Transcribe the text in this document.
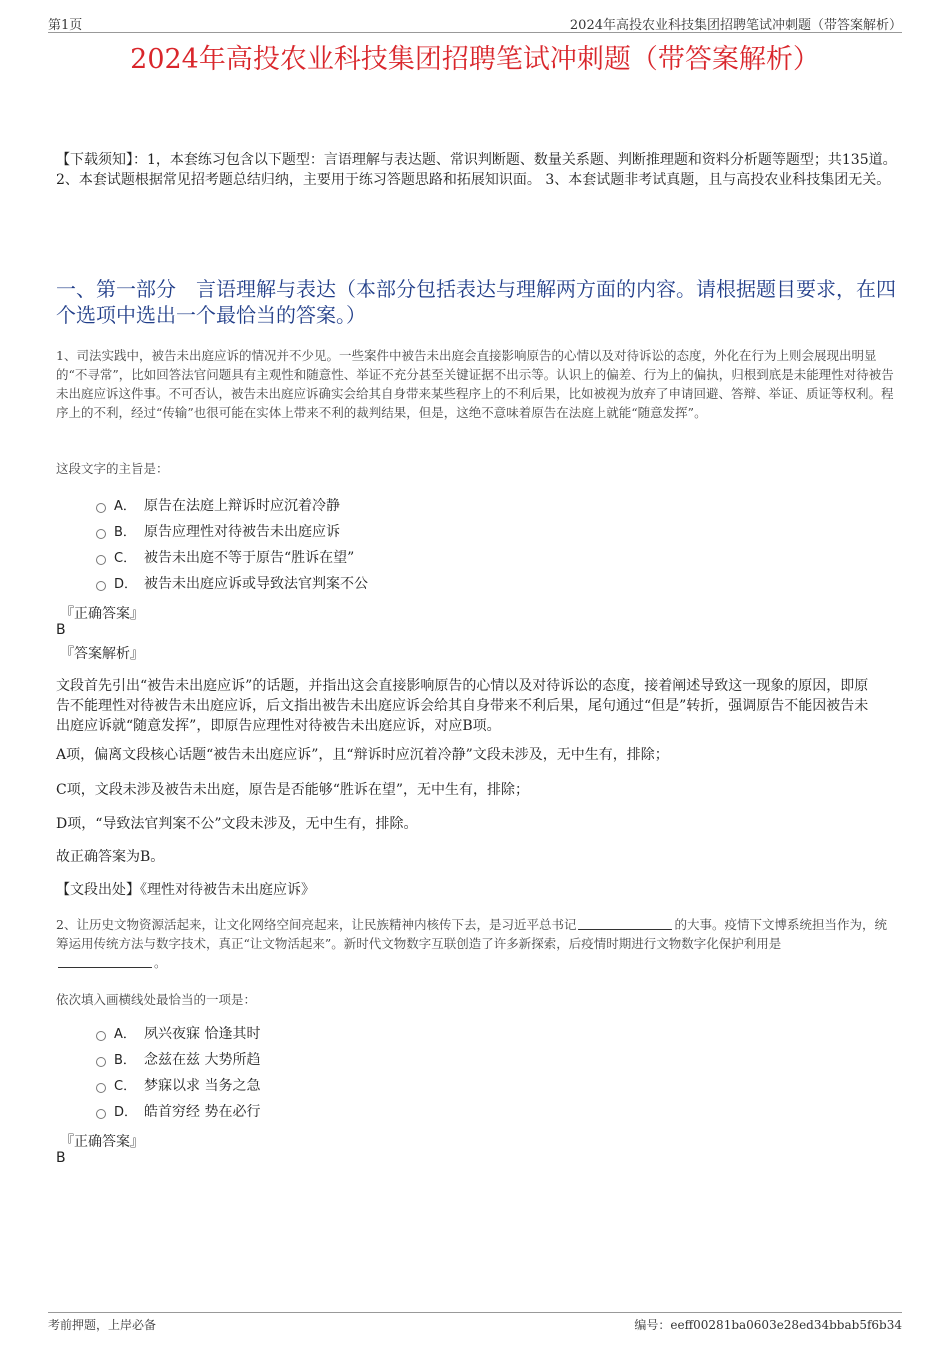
第1页	2024年高投农业科技集团招聘笔试冲刺题（带答案解析）
2024年高投农业科技集团招聘笔试冲刺题（带答案解析）
【下载须知】：1，本套练习包含以下题型：言语理解与表达题、常识判断题、数量关系题、判断推理题和资料分析题等题型；共135道。 2、本套试题根据常见招考题总结归纳，主要用于练习答题思路和拓展知识面。 3、本套试题非考试真题，且与高投农业科技集团无关。
一、第一部分　言语理解与表达（本部分包括表达与理解两方面的内容。请根据题目要求，在四个选项中选出一个最恰当的答案。）
1、司法实践中，被告未出庭应诉的情况并不少见。一些案件中被告未出庭会直接影响原告的心情以及对待诉讼的态度，外化在行为上则会展现出明显的“不寻常”，比如回答法官问题具有主观性和随意性、举证不充分甚至关键证据不出示等。认识上的偏差、行为上的偏执，归根到底是未能理性对待被告未出庭应诉这件事。不可否认，被告未出庭应诉确实会给其自身带来某些程序上的不利后果，比如被视为放弃了申请回避、答辩、举证、质证等权利。程序上的不利，经过“传输”也很可能在实体上带来不利的裁判结果，但是，这绝不意味着原告在法庭上就能“随意发挥”。
这段文字的主旨是：
A． 原告在法庭上辩诉时应沉着冷静
B． 原告应理性对待被告未出庭应诉
C． 被告未出庭不等于原告“胜诉在望”
D． 被告未出庭应诉或导致法官判案不公
『正确答案』
B
『答案解析』
文段首先引出“被告未出庭应诉”的话题，并指出这会直接影响原告的心情以及对待诉讼的态度，接着阐述导致这一现象的原因，即原告不能理性对待被告未出庭应诉，后文指出被告未出庭应诉会给其自身带来不利后果，尾句通过“但是”转折，强调原告不能因被告未出庭应诉就“随意发挥”，即原告应理性对待被告未出庭应诉，对应B项。
A项，偏离文段核心话题“被告未出庭应诉”，且“辩诉时应沉着冷静”文段未涉及，无中生有，排除；
C项，文段未涉及被告未出庭，原告是否能够“胜诉在望”，无中生有，排除；
D项，“导致法官判案不公”文段未涉及，无中生有，排除。
故正确答案为B。
【文段出处】《理性对待被告未出庭应诉》
2、让历史文物资源活起来，让文化网络空间亮起来，让民族精神内核传下去，是习近平总书记	的大事。疫情下文博系统担当作为，统筹运用传统方法与数字技术，真正“让文物活起来”。新时代文物数字互联创造了许多新探索，后疫情时期进行文物数字化保护利用是
。
依次填入画横线处最恰当的一项是：
A． 夙兴夜寐 恰逢其时
B． 念兹在兹 大势所趋
C． 梦寐以求 当务之急
D． 皓首穷经 势在必行
『正确答案』
B
考前押题，上岸必备	编号：eeff00281ba0603e28ed34bbab5f6b34
